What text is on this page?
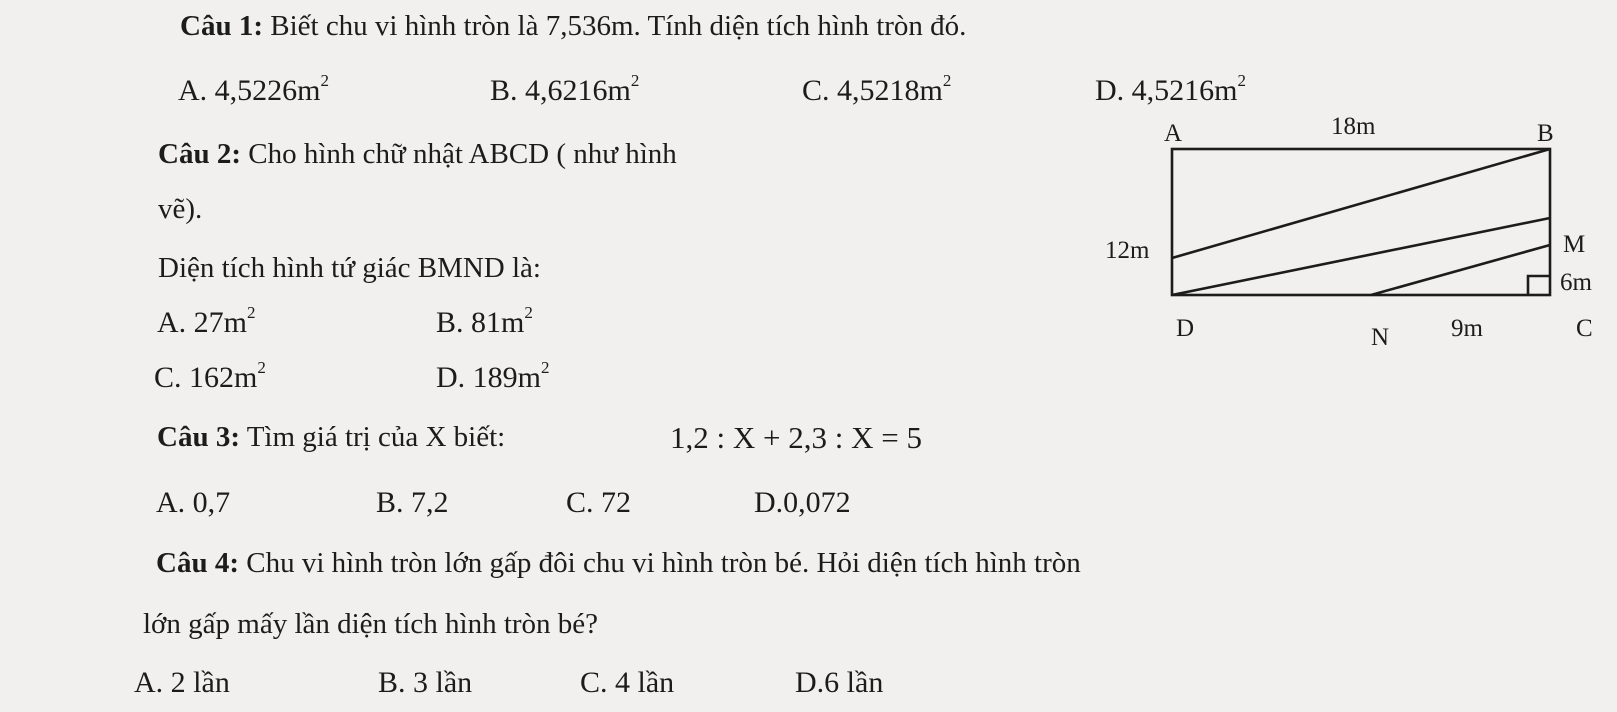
Câu 1: Biết chu vi hình tròn là 7,536m. Tính diện tích hình tròn đó.
A. $4,5226m^2$	B. $4,6216m^2$	C. $4,5218m^2$	D. $4,5216m^2$
Câu 2: Cho hình chữ nhật ABCD ( như hình
vẽ).
Diện tích hình tứ giác BMND là:
A. $27m^2$	B. $81m^2$
C. $162m^2$	D. $189m^2$
A	B
C
D
M
N
18m
12m
6m
9m
Câu 3: Tìm giá trị của X biết:	1,2 : X + 2,3 : X = 5
A. 0,7	B. 7,2	C. 72	D.0,072
Câu 4: Chu vi hình tròn lớn gấp đôi chu vi hình tròn bé. Hỏi diện tích hình tròn
lớn gấp mấy lần diện tích hình tròn bé?
A. 2 lần	B. 3 lần	C. 4 lần	D.6 lần
